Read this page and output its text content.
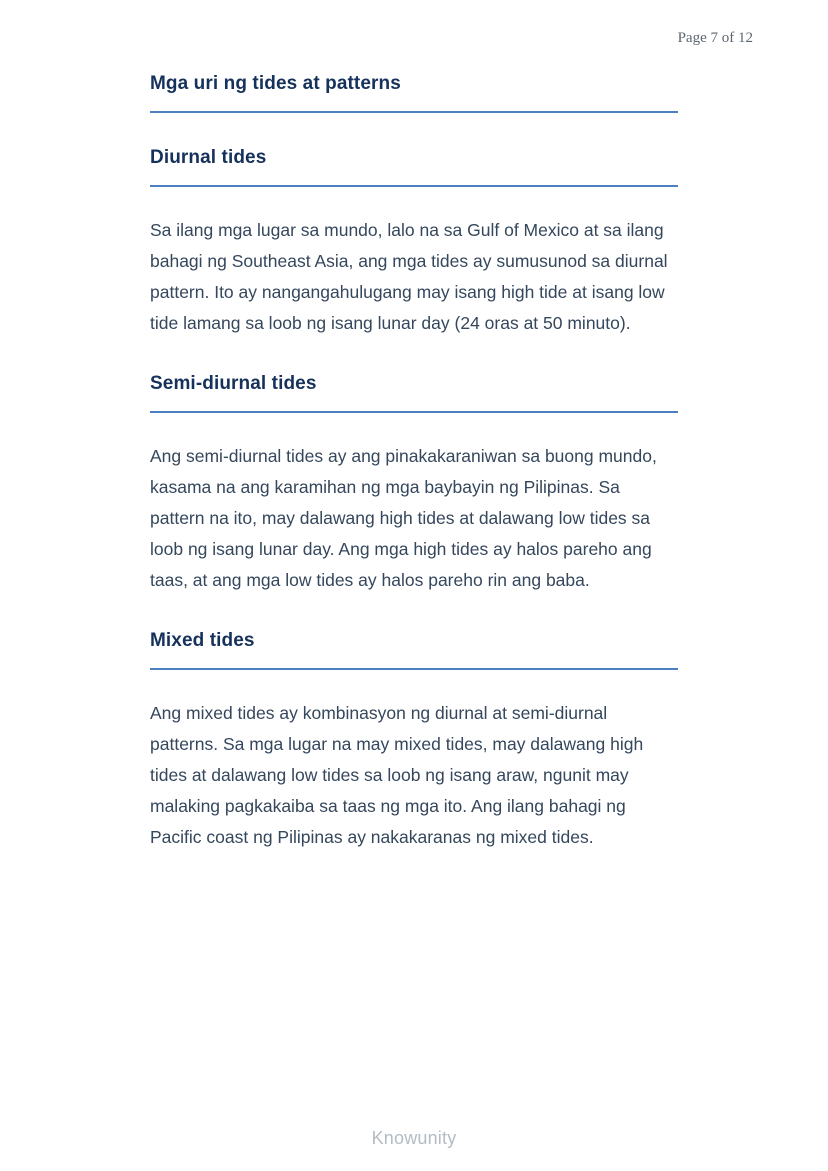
Page 7 of 12
Mga uri ng tides at patterns
Diurnal tides

Sa ilang mga lugar sa mundo, lalo na sa Gulf of Mexico at sa ilang bahagi ng Southeast Asia, ang mga tides ay sumusunod sa diurnal pattern. Ito ay nangangahulugang may isang high tide at isang low tide lamang sa loob ng isang lunar day (24 oras at 50 minuto).

Semi-diurnal tides

Ang semi-diurnal tides ay ang pinakakaraniwan sa buong mundo, kasama na ang karamihan ng mga baybayin ng Pilipinas. Sa pattern na ito, may dalawang high tides at dalawang low tides sa loob ng isang lunar day. Ang mga high tides ay halos pareho ang taas, at ang mga low tides ay halos pareho rin ang baba.

Mixed tides

Ang mixed tides ay kombinasyon ng diurnal at semi-diurnal patterns. Sa mga lugar na may mixed tides, may dalawang high tides at dalawang low tides sa loob ng isang araw, ngunit may malaking pagkakaiba sa taas ng mga ito. Ang ilang bahagi ng Pacific coast ng Pilipinas ay nakakaranas ng mixed tides.

Knowunity
